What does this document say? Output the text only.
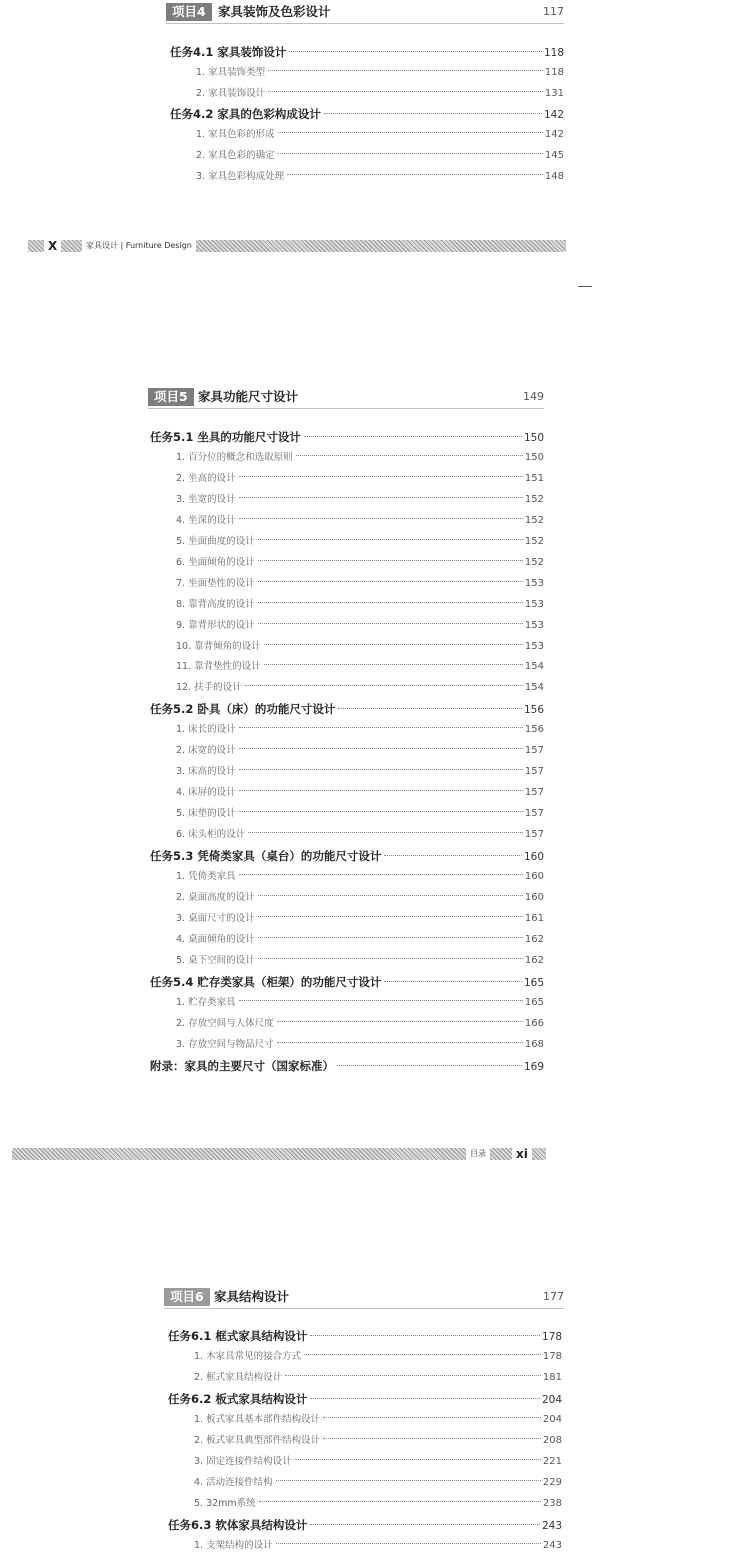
项目4 家具装饰及色彩设计	117
任务4.1 家具装饰设计	118
1. 家具装饰类型	118
2. 家具装饰设计	131
任务4.2 家具的色彩构成设计	142
1. 家具色彩的形成	142
2. 家具色彩的确定	145
3. 家具色彩构成处理	148
X	家具设计 | Furniture Design
项目5 家具功能尺寸设计	149
任务5.1 坐具的功能尺寸设计	150
1. 百分位的概念和选取原则	150
2. 坐高的设计	151
3. 坐宽的设计	152
4. 坐深的设计	152
5. 坐面曲度的设计	152
6. 坐面倾角的设计	152
7. 坐面垫性的设计	153
8. 靠背高度的设计	153
9. 靠背形状的设计	153
10. 靠背倾角的设计	153
11. 靠背垫性的设计	154
12. 扶手的设计	154
任务5.2 卧具（床）的功能尺寸设计	156
1. 床长的设计	156
2. 床宽的设计	157
3. 床高的设计	157
4. 床屏的设计	157
5. 床垫的设计	157
6. 床头柜的设计	157
任务5.3 凭倚类家具（桌台）的功能尺寸设计	160
1. 凭倚类家具	160
2. 桌面高度的设计	160
3. 桌面尺寸的设计	161
4. 桌面倾角的设计	162
5. 桌下空间的设计	162
任务5.4 贮存类家具（柜架）的功能尺寸设计	165
1. 贮存类家具	165
2. 存放空间与人体尺度	166
3. 存放空间与物品尺寸	168
附录：家具的主要尺寸（国家标准）	169
目录	xi
项目6 家具结构设计	177
任务6.1 框式家具结构设计	178
1. 木家具常见的接合方式	178
2. 框式家具结构设计	181
任务6.2 板式家具结构设计	204
1. 板式家具基本部件结构设计	204
2. 板式家具典型部件结构设计	208
3. 固定连接件结构设计	221
4. 活动连接件结构	229
5. 32mm系统	238
任务6.3 软体家具结构设计	243
1. 支架结构的设计	243
